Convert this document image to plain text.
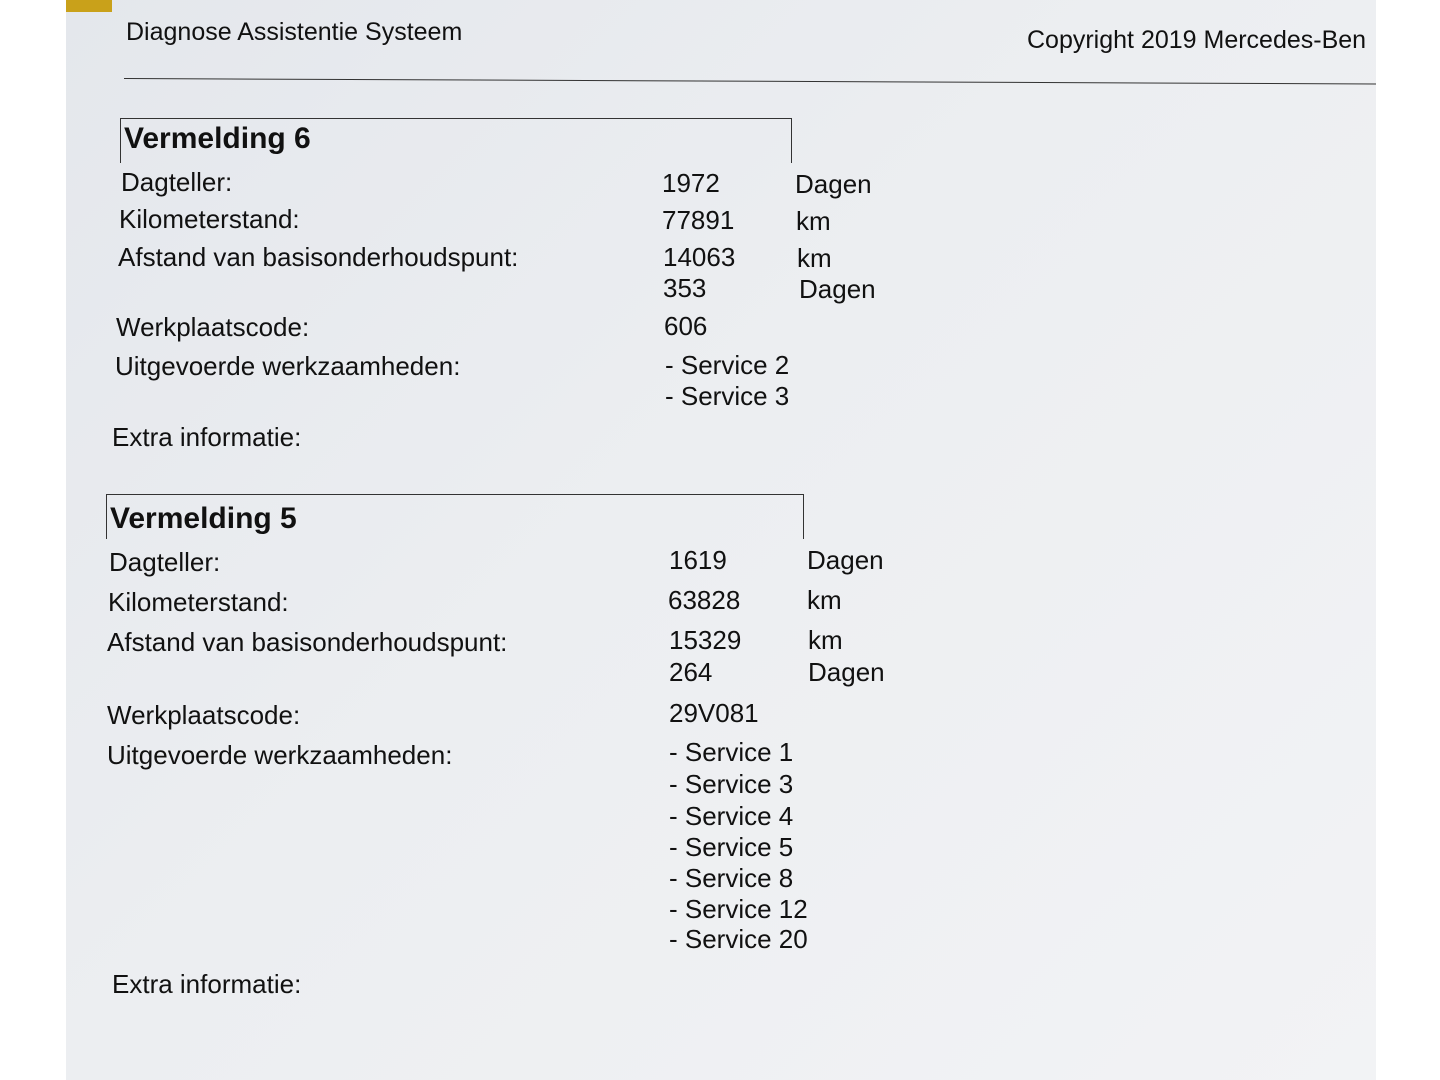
Diagnose Assistentie Systeem	Copyright 2019 Mercedes-Ben
Vermelding 6
Dagteller:	1972	Dagen
Kilometerstand:	77891 km
Afstand van basisonderhoudspunt:	14063 km
353	Dagen
Werkplaatscode:	606
Uitgevoerde werkzaamheden:	- Service 2
- Service 3
Extra informatie:
Vermelding 5
Dagteller:	1619	Dagen
Kilometerstand:	63828	km
Afstand van basisonderhoudspunt:	15329	km
264	Dagen
Werkplaatscode:	29V081
Uitgevoerde werkzaamheden:	- Service 1
- Service 3
- Service 4
- Service 5
- Service 8
- Service 12
- Service 20
Extra informatie:
